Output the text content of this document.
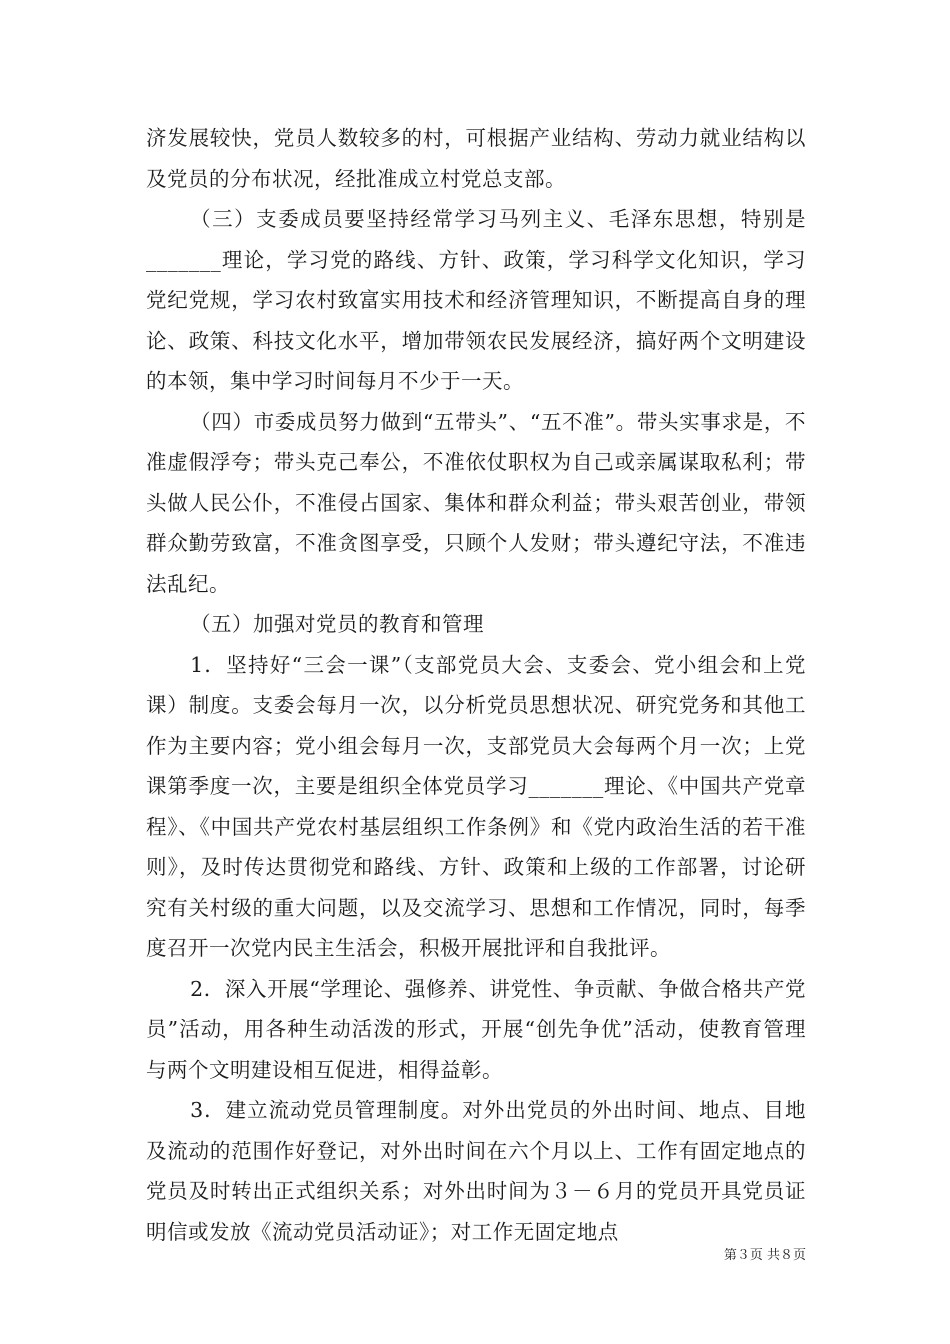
济发展较快，党员人数较多的村，可根据产业结构、劳动力就业结构以及党员的分布状况，经批准成立村党总支部。

（三）支委成员要坚持经常学习马列主义、毛泽东思想，特别是_______理论，学习党的路线、方针、政策，学习科学文化知识，学习党纪党规，学习农村致富实用技术和经济管理知识，不断提高自身的理论、政策、科技文化水平，增加带领农民发展经济，搞好两个文明建设的本领，集中学习时间每月不少于一天。

（四）市委成员努力做到“五带头”、“五不准”。带头实事求是，不准虚假浮夸；带头克己奉公，不准依仗职权为自己或亲属谋取私利；带头做人民公仆，不准侵占国家、集体和群众利益；带头艰苦创业，带领群众勤劳致富，不准贪图享受，只顾个人发财；带头遵纪守法，不准违法乱纪。

（五）加强对党员的教育和管理

1．坚持好“三会一课”（支部党员大会、支委会、党小组会和上党课）制度。支委会每月一次，以分析党员思想状况、研究党务和其他工作为主要内容；党小组会每月一次，支部党员大会每两个月一次；上党课第季度一次，主要是组织全体党员学习_______理论、《中国共产党章程》、《中国共产党农村基层组织工作条例》和《党内政治生活的若干准则》，及时传达贯彻党和路线、方针、政策和上级的工作部署，讨论研究有关村级的重大问题，以及交流学习、思想和工作情况，同时，每季度召开一次党内民主生活会，积极开展批评和自我批评。

2．深入开展“学理论、强修养、讲党性、争贡献、争做合格共产党员”活动，用各种生动活泼的形式，开展“创先争优”活动，使教育管理与两个文明建设相互促进，相得益彰。

3．建立流动党员管理制度。对外出党员的外出时间、地点、目地及流动的范围作好登记，对外出时间在六个月以上、工作有固定地点的党员及时转出正式组织关系；对外出时间为３－６月的党员开具党员证明信或发放《流动党员活动证》；对工作无固定地点

第３页 共８页
